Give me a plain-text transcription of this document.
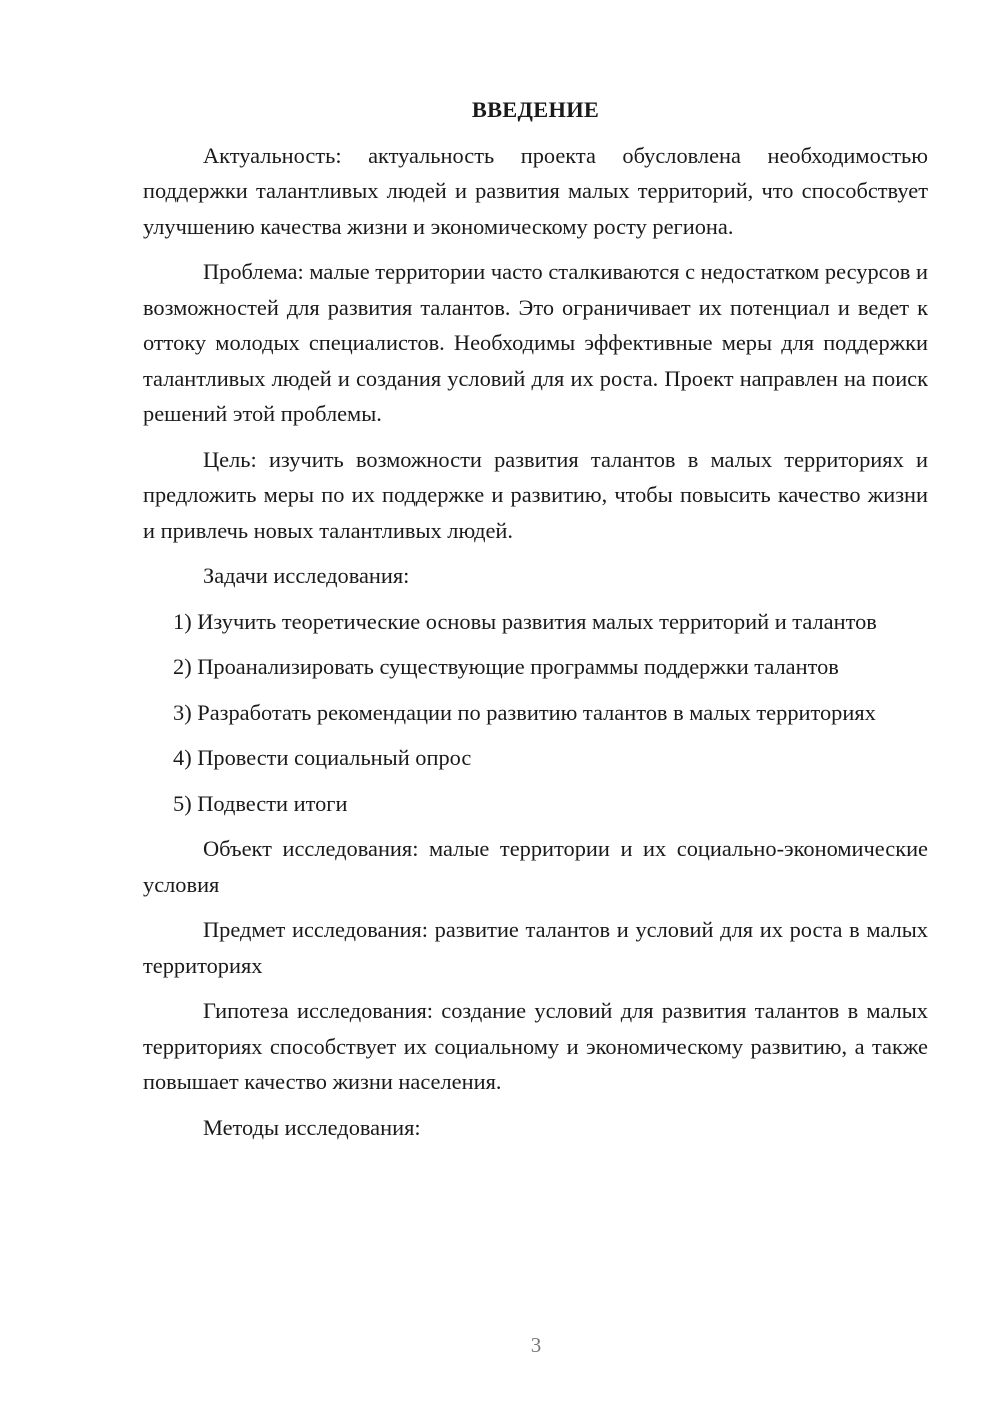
ВВЕДЕНИЕ

Актуальность: актуальность проекта обусловлена необходимостью поддержки талантливых людей и развития малых территорий, что способствует улучшению качества жизни и экономическому росту региона.

Проблема: малые территории часто сталкиваются с недостатком ресурсов и возможностей для развития талантов. Это ограничивает их потенциал и ведет к оттоку молодых специалистов. Необходимы эффективные меры для поддержки талантливых людей и создания условий для их роста. Проект направлен на поиск решений этой проблемы.

Цель: изучить возможности развития талантов в малых территориях и предложить меры по их поддержке и развитию, чтобы повысить качество жизни и привлечь новых талантливых людей.

Задачи исследования:

1) Изучить теоретические основы развития малых территорий и талантов

2) Проанализировать существующие программы поддержки талантов

3) Разработать рекомендации по развитию талантов в малых территориях

4) Провести социальный опрос

5) Подвести итоги

Объект исследования: малые территории и их социально-экономические условия

Предмет исследования: развитие талантов и условий для их роста в малых территориях

Гипотеза исследования: создание условий для развития талантов в малых территориях способствует их социальному и экономическому развитию, а также повышает качество жизни населения.

Методы исследования:

3
